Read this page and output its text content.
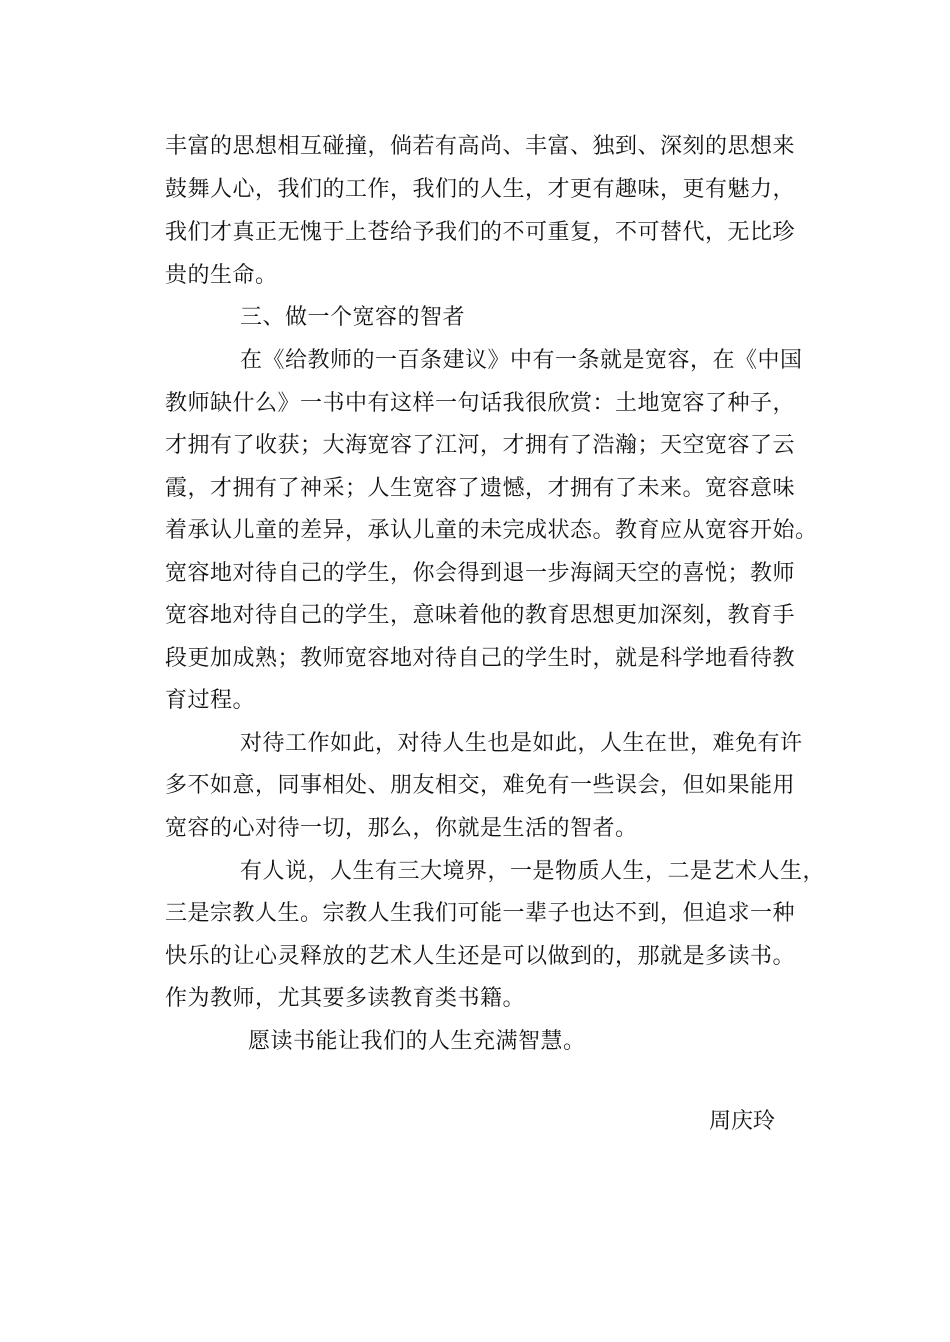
丰富的思想相互碰撞，倘若有高尚、丰富、独到、深刻的思想来
鼓舞人心，我们的工作，我们的人生，才更有趣味，更有魅力，
我们才真正无愧于上苍给予我们的不可重复，不可替代，无比珍
贵的生命。
三、做一个宽容的智者
在《给教师的一百条建议》中有一条就是宽容，在《中国
教师缺什么》一书中有这样一句话我很欣赏：土地宽容了种子，
才拥有了收获；大海宽容了江河，才拥有了浩瀚；天空宽容了云
霞，才拥有了神采；人生宽容了遗憾，才拥有了未来。宽容意味
着承认儿童的差异，承认儿童的未完成状态。教育应从宽容开始。
宽容地对待自己的学生，你会得到退一步海阔天空的喜悦；教师
宽容地对待自己的学生，意味着他的教育思想更加深刻，教育手
段更加成熟；教师宽容地对待自己的学生时，就是科学地看待教
育过程。
对待工作如此，对待人生也是如此，人生在世，难免有许
多不如意，同事相处、朋友相交，难免有一些误会，但如果能用
宽容的心对待一切，那么，你就是生活的智者。
有人说，人生有三大境界，一是物质人生，二是艺术人生，
三是宗教人生。宗教人生我们可能一辈子也达不到，但追求一种
快乐的让心灵释放的艺术人生还是可以做到的，那就是多读书。
作为教师，尤其要多读教育类书籍。
愿读书能让我们的人生充满智慧。
周庆玲
